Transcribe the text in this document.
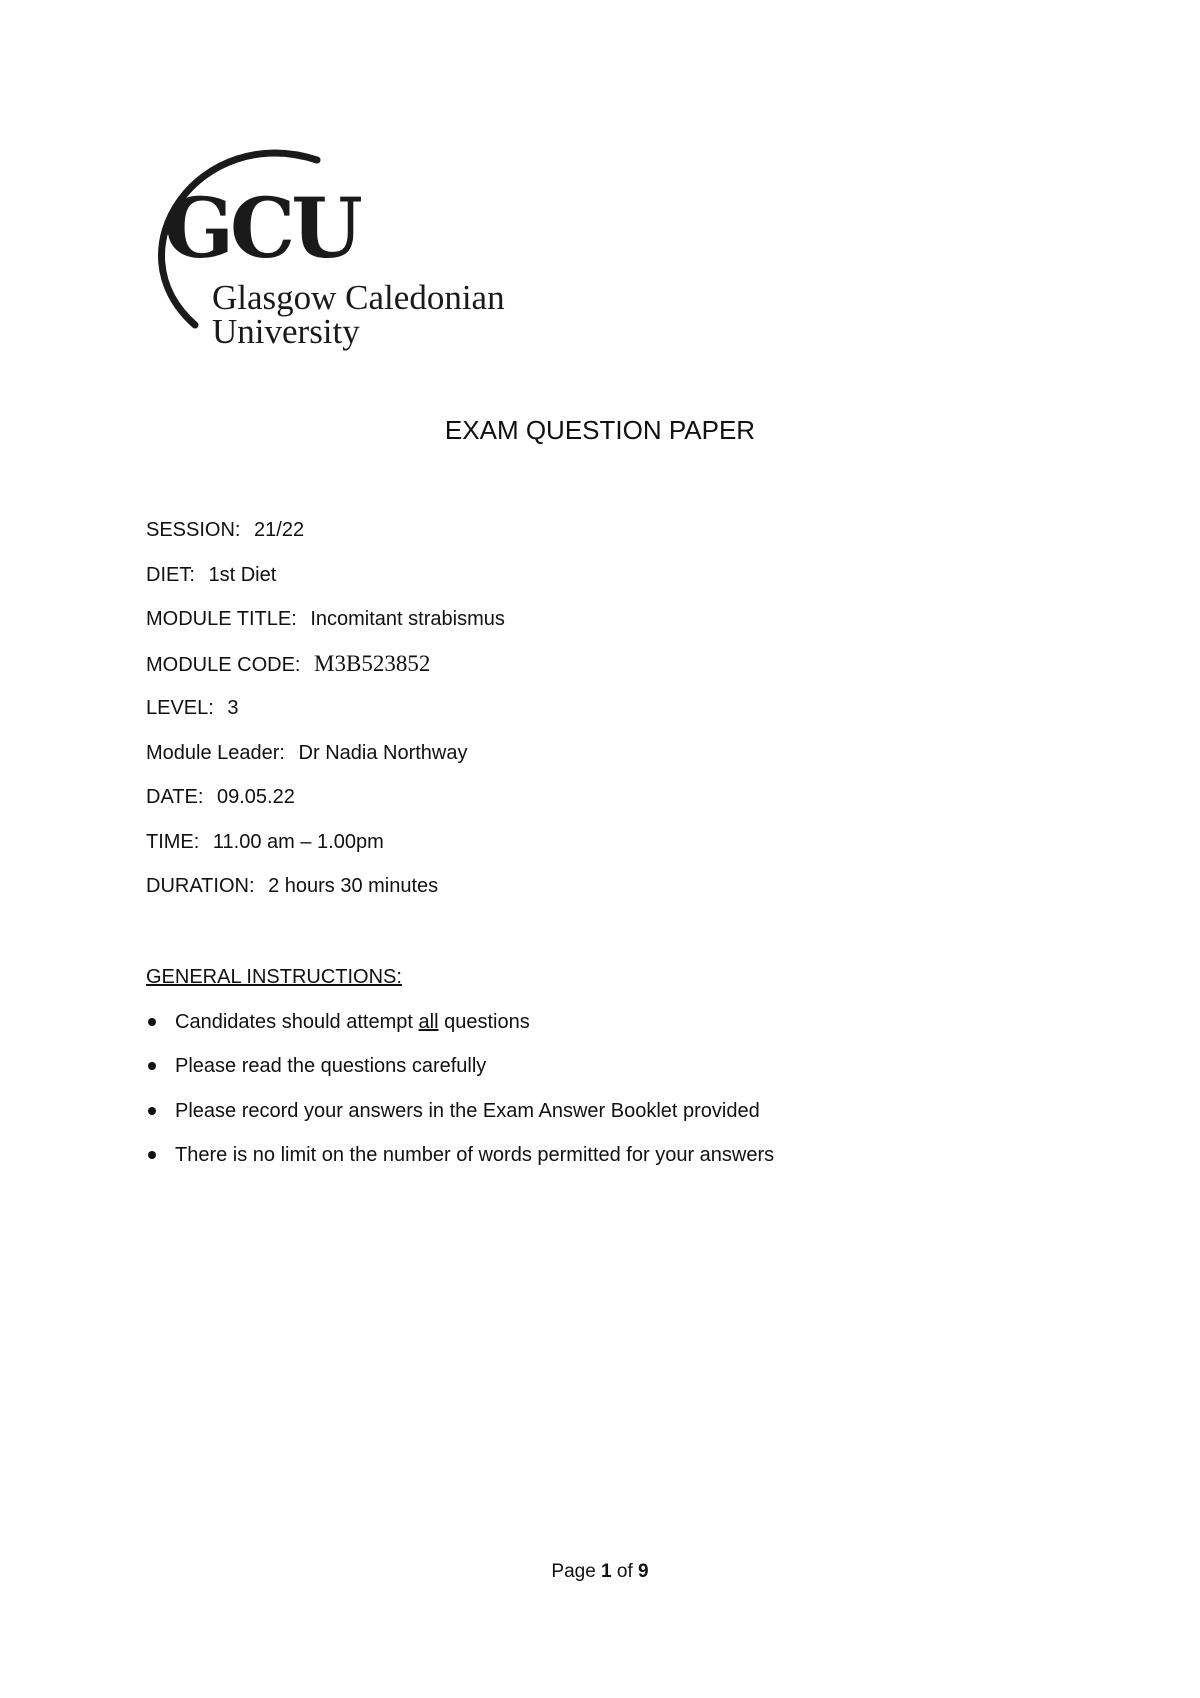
GCU
Glasgow Caledonian
University
EXAM QUESTION PAPER
SESSION: 21/22
DIET: 1st Diet
MODULE TITLE: Incomitant strabismus
MODULE CODE: M3B523852
LEVEL: 3
Module Leader: Dr Nadia Northway
DATE: 09.05.22
TIME: 11.00 am – 1.00pm
DURATION: 2 hours 30 minutes
GENERAL INSTRUCTIONS:
Candidates should attempt all questions
Please read the questions carefully
Please record your answers in the Exam Answer Booklet provided
There is no limit on the number of words permitted for your answers
Page 1 of 9
